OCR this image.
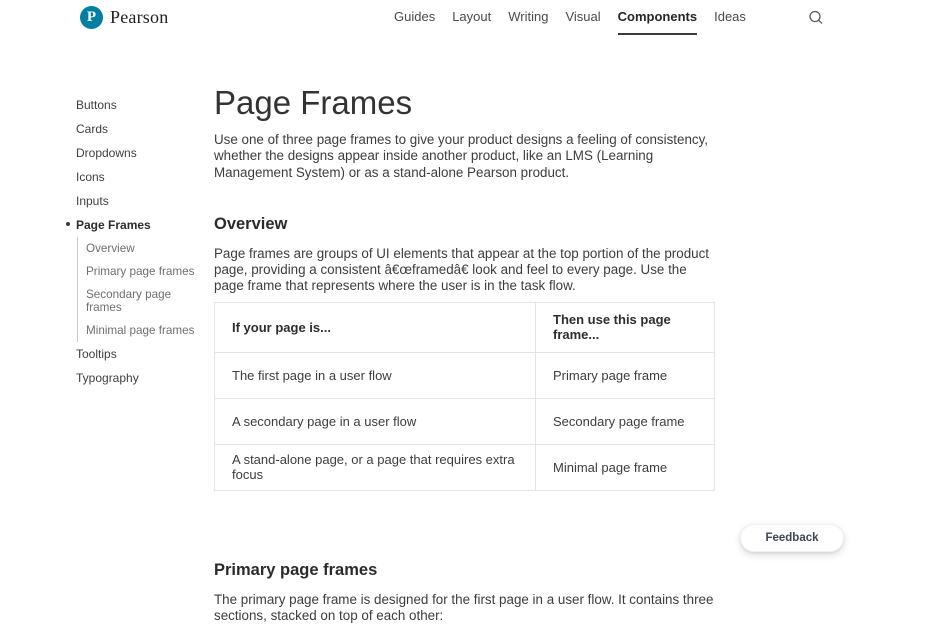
P Pearson	Guides Layout Writing Visual Components Ideas
Buttons
Cards
Dropdowns
Icons
Inputs
Page Frames
Overview
Primary page frames
Secondary page frames
Minimal page frames
Tooltips
Typography
Page Frames

Use one of three page frames to give your product designs a feeling of consistency, whether the designs appear inside another product, like an LMS (Learning Management System) or as a stand-alone Pearson product.

Overview

Page frames are groups of UI elements that appear at the top portion of the product page, providing a consistent â€œframedâ€ look and feel to every page. Use the page frame that represents where the user is in the task flow.

If your page is...	Then use this page frame...
The first page in a user flow	Primary page frame
A secondary page in a user flow	Secondary page frame
A stand-alone page, or a page that requires extra focus	Minimal page frame
Primary page frames

The primary page frame is designed for the first page in a user flow. It contains three sections, stacked on top of each other:

Feedback
